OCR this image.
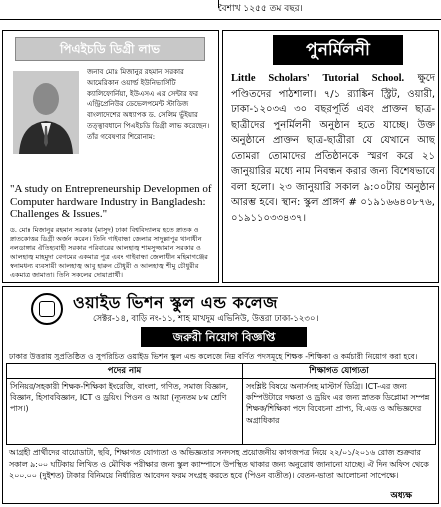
বৈশাখ ১২৫৫ তম বছর।
পিএইচডি ডিগ্রী লাভ
জনাব মোঃ মিজানুর রহমান সরকার আমেরিকান ওয়ার্ল্ড ইউনিভার্সিটি ক্যালিফোর্নিয়া, ইউএসএ এর সেন্টার ফর এন্ট্রিপ্রেনিউর ডেভেলপমেন্ট স্টাডিজ বাংলাদেশের অধ্যাপক ড. সেলিম ভুঁইয়ার তত্ত্বাবধানে পিএইচডি ডিগ্রী লাভ করেছেন। তাঁর গবেষণার শিরোনাম:
"A study on Entrepreneurship Developmen of Computer hardware Industry in Bangladesh: Challenges & Issues."
ড. মোঃ মিজানুর রহমান সরকার (মাসুদ) ঢাকা বিশ্ববিদ্যালয় হতে স্নাতক ও স্নাতকোত্তর ডিগ্রী অর্জন করেন। তিনি গাইবান্ধা জেলার সাদুল্লাপুর থানাধীন নলডাঙ্গার ঐতিহ্যবাহী সরকার পরিবারের আলহাজ্ব শামসুজ্জামান সরকার ও আলহাজ্ব মাহমুদা বেগমের একমাত্র পুত্র এবং গাইবান্ধা জেলাধীন মহিমাগঞ্জের স্বনামধন্য ব্যবসায়ী আলহাজ্ব আবু হারুন চৌধুরী ও আলহাজ্ব শীমু চৌধুরীর একমাত্র জামাতা। তিনি সকলের দোয়াপ্রার্থী।
পুনর্মিলনী
Little Scholars' Tutorial School. ক্ষুদে পণ্ডিতদের পাঠশালা। ৭/১ র‍্যাঙ্কিন স্ট্রিট, ওয়ারী, ঢাকা-১২০৩এ ৩০ বছরপূর্তি এবং প্রাক্তন ছাত্র-ছাত্রীদের পুনর্মিলনী অনুষ্ঠান হতে যাচ্ছে। উক্ত অনুষ্ঠানে প্রাক্তন ছাত্র-ছাত্রীরা যে যেখানে আছ তোমরা তোমাদের প্রতিষ্ঠানকে স্মরণ করে ২১ জানুয়ারির মধ্যে নাম নিবন্ধন করার জন্য বিশেষভাবে বলা হলো। ২৩ জানুয়ারি সকাল ৯:০০টায় অনুষ্ঠান আরম্ভ হবে। স্থান: স্কুল প্রাঙ্গণ # ০১৯১৬৬৪০৮৭৬, ০১৯১১০৩৩৪৩৭।
ওয়াইড ভিশন স্কুল এন্ড কলেজ
সেক্টর-১৪, বাড়ি নং-১১, শাহ মাখদুম এভিনিউ, উত্তরা ঢাকা-১২৩০।
জরুরী নিয়োগ বিজ্ঞপ্তি
ঢাকার উত্তরায় সুপ্রতিষ্ঠিত ও সুপরিচিত ওয়াইড ভিশন স্কুল এন্ড কলেজে নিম্ন বর্ণিত পদসমূহে শিক্ষক -শিক্ষিকা ও কর্মচারী নিয়োগ করা হবে।
পদের নাম	শিক্ষাগত যোগ্যতা
সিনিয়র/সহকারী শিক্ষক-শিক্ষিকা ইংরেজি, বাংলা, গণিত, সমাজ বিজ্ঞান, বিজ্ঞান, হিসাববিজ্ঞান, ICT ও ড্রয়িং। পিওন ও আয়া (ন্যূনতম ৮ম শ্রেণি পাস।)	সংশ্লিষ্ট বিষয়ে অনার্সসহ মাস্টার্স ডিগ্রি। ICT-এর জন্য কম্পিউটারে দক্ষতা ও ড্রয়িং এর জন্য স্নাতক ডিপ্লোমা সম্পন্ন শিক্ষক/শিক্ষিকা পদে বিবেচনা প্রাপ্য, বি.এড ও অভিজ্ঞদের অগ্রাধিকার
আগ্রহী প্রার্থীদের বায়োডাটা, ছবি, শিক্ষাগত যোগ্যতা ও অভিজ্ঞতার সনদসহ প্রয়োজনীয় কাগজপত্র নিয়ে ২২/০১/২০১৬ রোজ শুক্রবার সকাল ৯:০০ ঘটিকায় লিখিত ও মৌখিক পরীক্ষার জন্য স্কুল ক্যাম্পাসে উপস্থিত থাকার জন্য অনুরোধ জানানো যাচ্ছে। ঐ দিন অফিস থেকে ২০০.০০ (দুইশত) টাকার বিনিময়ে নির্ধারিত আবেদন ফরম সংগ্রহ করতে হবে (পিওন ব্যতীত)। বেতন-ভাতা আলোচনা সাপেক্ষে।
অধ্যক্ষ
